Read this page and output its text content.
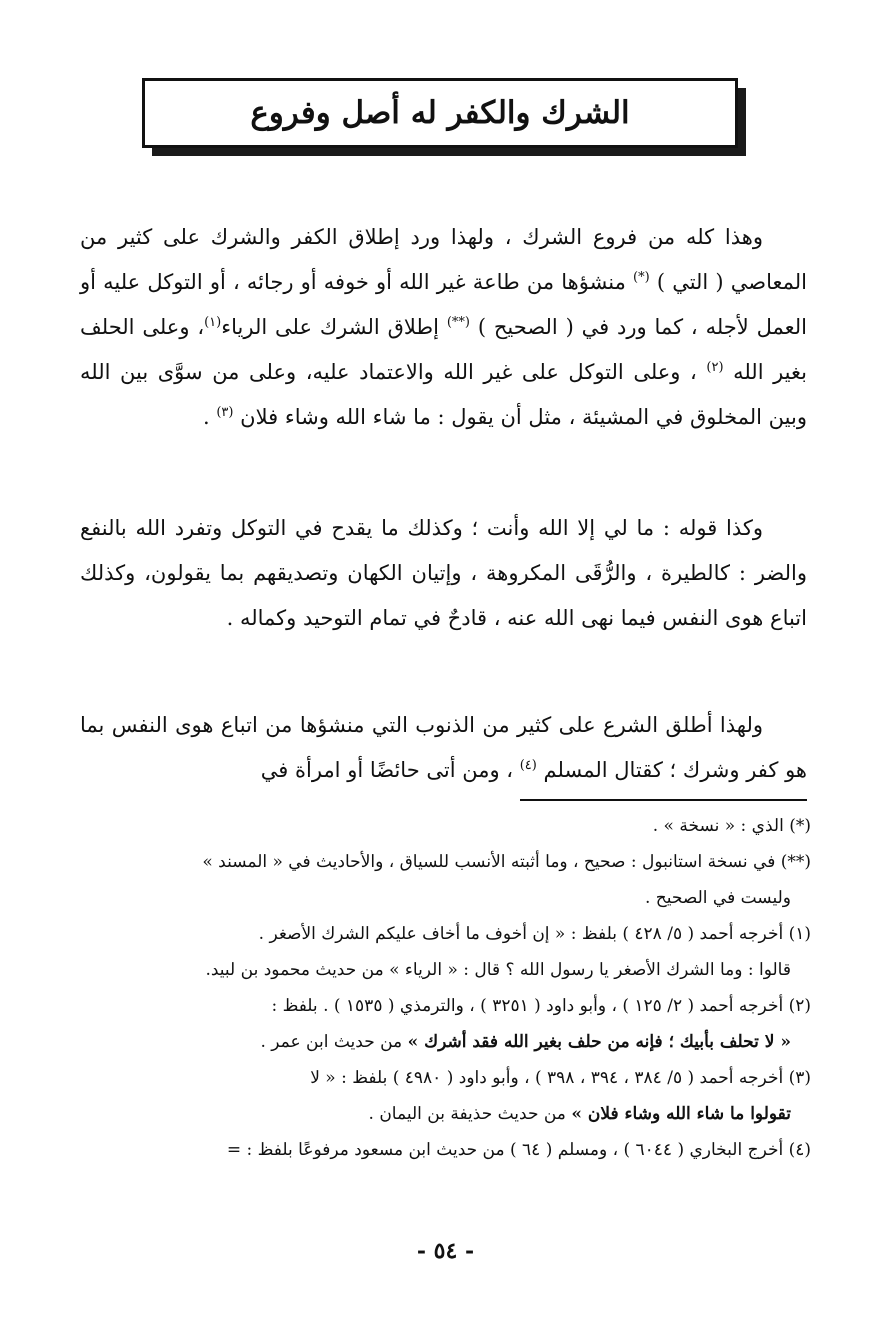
الشرك والكفر له أصل وفروع

وهذا كله من فروع الشرك ، ولهذا ورد إطلاق الكفر والشرك على كثير من المعاصي ( التي ) (*) منشؤها من طاعة غير الله أو خوفه أو رجائه ، أو التوكل عليه أو العمل لأجله ، كما ورد في ( الصحيح ) (**) إطلاق الشرك على الرياء$^{(١)}$، وعلى الحلف بغير الله $^{(٢)}$ ، وعلى التوكل على غير الله والاعتماد عليه، وعلى من سوَّى بين الله وبين المخلوق في المشيئة ، مثل أن يقول : ما شاء الله وشاء فلان $^{(٣)}$ .

وكذا قوله : ما لي إلا الله وأنت ؛ وكذلك ما يقدح في التوكل وتفرد الله بالنفع والضر : كالطيرة ، والرُّقَى المكروهة ، وإتيان الكهان وتصديقهم بما يقولون، وكذلك اتباع هوى النفس فيما نهى الله عنه ، قادحٌ في تمام التوحيد وكماله .

ولهذا أطلق الشرع على كثير من الذنوب التي منشؤها من اتباع هوى النفس بما هو كفر وشرك ؛ كقتال المسلم $^{(٤)}$ ، ومن أتى حائضًا أو امرأة في

(*) الذي : « نسخة » .

(**) في نسخة استانبول : صحيح ، وما أثبته الأنسب للسياق ، والأحاديث في « المسند »
وليست في الصحيح .

(١) أخرجه أحمد ( ٥/ ٤٢٨ ) بلفظ : « إن أخوف ما أخاف عليكم الشرك الأصغر .
قالوا : وما الشرك الأصغر يا رسول الله ؟ قال : « الرياء » من حديث محمود بن لبيد.

(٢) أخرجه أحمد ( ٢/ ١٢٥ ) ، وأبو داود ( ٣٢٥١ ) ، والترمذي ( ١٥٣٥ ) . بلفظ :
« لا تحلف بأبيك ؛ فإنه من حلف بغير الله فقد أشرك » من حديث ابن عمر .

(٣) أخرجه أحمد ( ٥/ ٣٨٤ ، ٣٩٤ ، ٣٩٨ ) ، وأبو داود ( ٤٩٨٠ ) بلفظ : « لا
تقولوا ما شاء الله وشاء فلان » من حديث حذيفة بن اليمان .

(٤) أخرج البخاري ( ٦٠٤٤ ) ، ومسلم ( ٦٤ ) من حديث ابن مسعود مرفوعًا بلفظ : =

- ٥٤ -
